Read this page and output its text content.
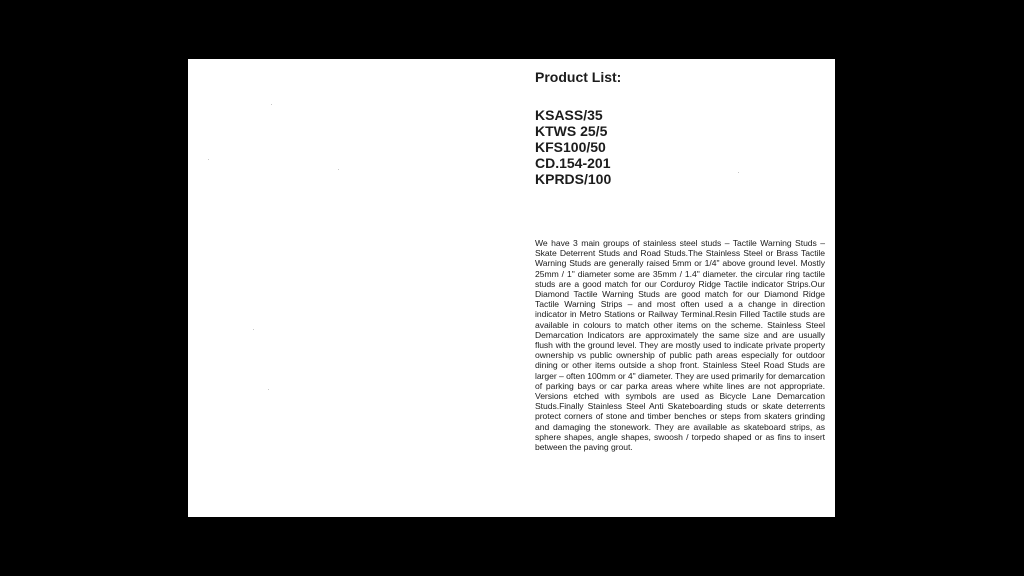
Product List:
KSASS/35
KTWS 25/5
KFS100/50
CD.154-201
KPRDS/100

We have 3 main groups of stainless steel studs – Tactile Warning Studs – Skate Deterrent Studs and Road Studs.The Stainless Steel or Brass Tactile Warning Studs are generally raised 5mm or 1/4" above ground level. Mostly 25mm / 1" diameter some are 35mm / 1.4" diameter. the circular ring tactile studs are a good match for our Corduroy Ridge Tactile indicator Strips.Our Diamond Tactile Warning Studs are good match for our Diamond Ridge Tactile Warning Strips – and most often used a a change in direction indicator in Metro Stations or Railway Terminal.Resin Filled Tactile studs are available in colours to match other items on the scheme. Stainless Steel Demarcation Indicators are approximately the same size and are usually flush with the ground level. They are mostly used to indicate private property ownership vs public ownership of public path areas especially for outdoor dining or other items outside a shop front. Stainless Steel Road Studs are larger – often 100mm or 4" diameter. They are used primarily for demarcation of parking bays or car parka areas where white lines are not appropriate. Versions etched with symbols are used as Bicycle Lane Demarcation Studs.Finally Stainless Steel Anti Skateboarding studs or skate deterrents protect corners of stone and timber benches or steps from skaters grinding and damaging the stonework. They are available as skateboard strips, as sphere shapes, angle shapes, swoosh / torpedo shaped or as fins to insert between the paving grout.
